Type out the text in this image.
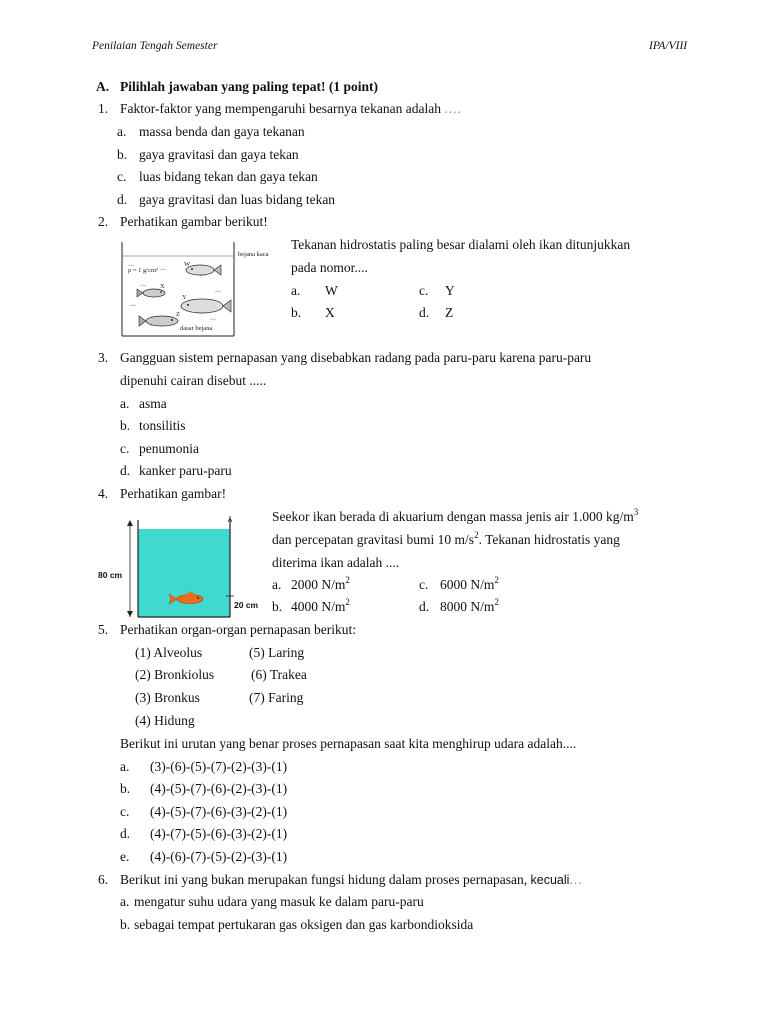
Penilaian Tengah Semester	IPA/VIII
A. Pilihlah jawaban yang paling tepat! (1 point)
1. Faktor-faktor yang mempengaruhi besarnya tekanan adalah ....
a. massa benda dan gaya tekanan
b. gaya gravitasi dan gaya tekan
c. luas bidang tekan dan gaya tekan
d. gaya gravitasi dan luas bidang tekan
2. Perhatikan gambar berikut!
bejana kaca
ρ = 1 g/cm³
dasar bejana
W
X
Y
Z
Tekanan hidrostatis paling besar dialami oleh ikan ditunjukkan
pada nomor....
a. W	c. Y
b. X	d. Z
3. Gangguan sistem pernapasan yang disebabkan radang pada paru-paru karena paru-paru
dipenuhi cairan disebut .....
a. asma
b. tonsilitis
c. penumonia
d. kanker paru-paru
4. Perhatikan gambar!
80 cm
20 cm
Seekor ikan berada di akuarium dengan massa jenis air 1.000 $kg/m^3$
dan percepatan gravitasi bumi 10 $m/s^2$. Tekanan hidrostatis yang
diterima ikan adalah ....
a. 2000 $N/m^2$	c. 6000 $N/m^2$
b. 4000 $N/m^2$	d. 8000 $N/m^2$
5. Perhatikan organ-organ pernapasan berikut:
(1) Alveolus	(5) Laring
(2) Bronkiolus	(6) Trakea
(3) Bronkus	(7) Faring
(4) Hidung
Berikut ini urutan yang benar proses pernapasan saat kita menghirup udara adalah....
a. (3)-(6)-(5)-(7)-(2)-(3)-(1)
b. (4)-(5)-(7)-(6)-(2)-(3)-(1)
c. (4)-(5)-(7)-(6)-(3)-(2)-(1)
d. (4)-(7)-(5)-(6)-(3)-(2)-(1)
e. (4)-(6)-(7)-(5)-(2)-(3)-(1)
6. Berikut ini yang bukan merupakan fungsi hidung dalam proses pernapasan, kecuali...
a. mengatur suhu udara yang masuk ke dalam paru-paru
b. sebagai tempat pertukaran gas oksigen dan gas karbondioksida
